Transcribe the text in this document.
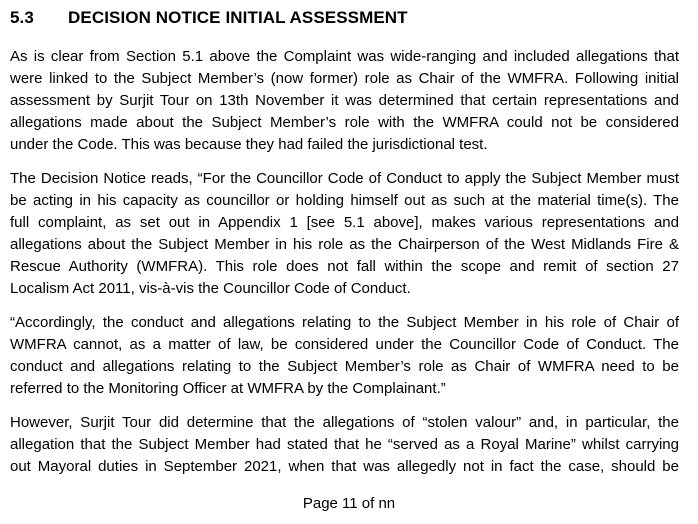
5.3 DECISION NOTICE INITIAL ASSESSMENT
As is clear from Section 5.1 above the Complaint was wide-ranging and included allegations that
were linked to the Subject Member’s (now former) role as Chair of the WMFRA. Following initial
assessment by Surjit Tour on 13th November it was determined that certain representations and
allegations made about the Subject Member’s role with the WMFRA could not be considered
under the Code. This was because they had failed the jurisdictional test.
The Decision Notice reads, “For the Councillor Code of Conduct to apply the Subject Member must
be acting in his capacity as councillor or holding himself out as such at the material time(s). The
full complaint, as set out in Appendix 1 [see 5.1 above], makes various representations and
allegations about the Subject Member in his role as the Chairperson of the West Midlands Fire &
Rescue Authority (WMFRA). This role does not fall within the scope and remit of section 27
Localism Act 2011, vis-à-vis the Councillor Code of Conduct.
“Accordingly, the conduct and allegations relating to the Subject Member in his role of Chair of
WMFRA cannot, as a matter of law, be considered under the Councillor Code of Conduct. The
conduct and allegations relating to the Subject Member’s role as Chair of WMFRA need to be
referred to the Monitoring Officer at WMFRA by the Complainant.”
However, Surjit Tour did determine that the allegations of “stolen valour” and, in particular, the
allegation that the Subject Member had stated that he “served as a Royal Marine” whilst carrying
out Mayoral duties in September 2021, when that was allegedly not in fact the case, should be
Page 11 of nn
